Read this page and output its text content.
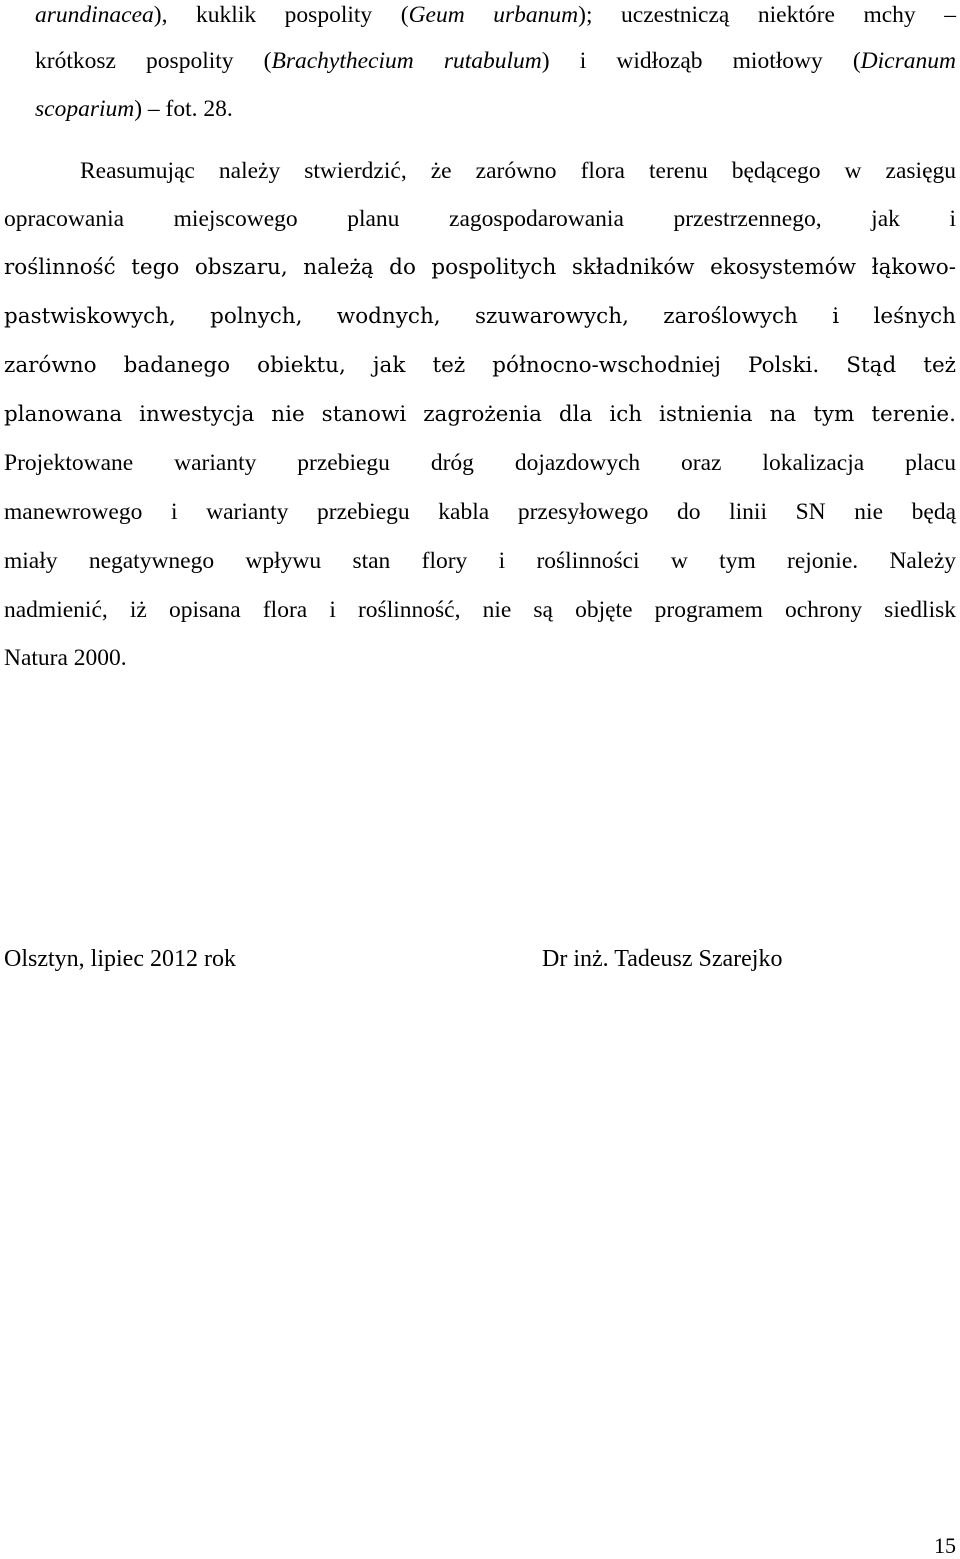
arundinacea), kuklik pospolity (Geum urbanum); uczestniczą niektóre mchy –
krótkosz pospolity (Brachythecium rutabulum) i widłoząb miotłowy (Dicranum
scoparium) – fot. 28.
Reasumując należy stwierdzić, że zarówno flora terenu będącego w zasięgu
opracowania miejscowego planu zagospodarowania przestrzennego, jak i
roślinność tego obszaru, należą do pospolitych składników ekosystemów łąkowo-
pastwiskowych, polnych, wodnych, szuwarowych, zaroślowych i leśnych
zarówno badanego obiektu, jak też północno-wschodniej Polski. Stąd też
planowana inwestycja nie stanowi zagrożenia dla ich istnienia na tym terenie.
Projektowane warianty przebiegu dróg dojazdowych oraz lokalizacja placu
manewrowego i warianty przebiegu kabla przesyłowego do linii SN nie będą
miały negatywnego wpływu stan flory i roślinności w tym rejonie. Należy
nadmienić, iż opisana flora i roślinność, nie są objęte programem ochrony siedlisk
Natura 2000.
Olsztyn, lipiec 2012 rok	Dr inż. Tadeusz Szarejko
15
